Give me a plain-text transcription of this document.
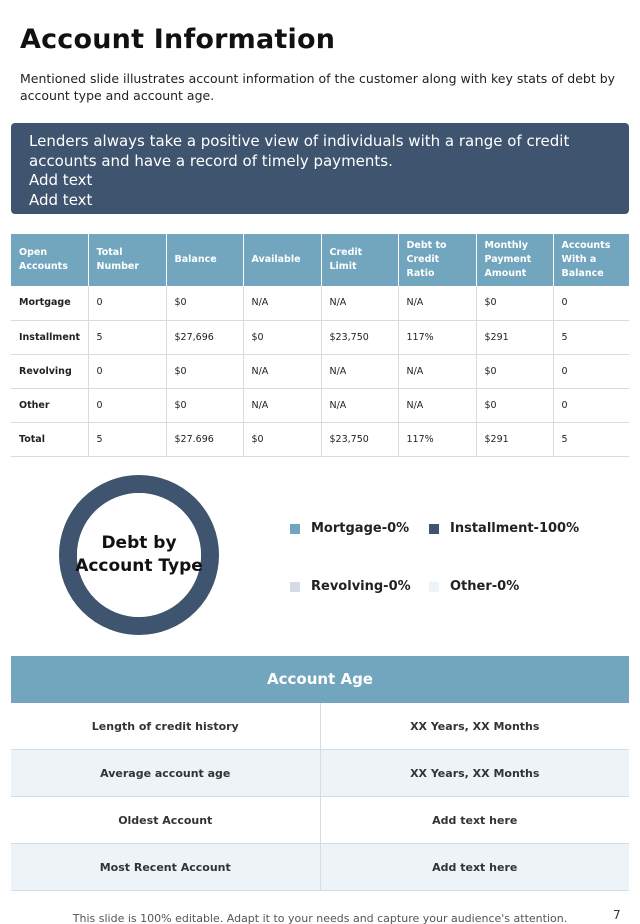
Account Information
Mentioned slide illustrates account information of the customer along with key stats of debt by account type and account age.
Lenders always take a positive view of individuals with a range of credit
accounts and have a record of timely payments.
Add text
Add text
Open Accounts	Total Number	Balance	Available	Credit Limit	Debt to Credit Ratio	Monthly Payment Amount	Accounts With a Balance
Mortgage	0	$0	N/A	N/A	N/A	$0	0
Installment	5	$27,696	$0	$23,750	117%	$291	5
Revolving	0	$0	N/A	N/A	N/A	$0	0
Other	0	$0	N/A	N/A	N/A	$0	0
Total	5	$27.696	$0	$23,750	117%	$291	5
Debt by
Account Type
Mortgage-0%	Installment-100%
Revolving-0%	Other-0%
Account Age
Length of credit history	XX Years, XX Months
Average account age	XX Years, XX Months
Oldest Account	Add text here
Most Recent Account	Add text here
This slide is 100% editable. Adapt it to your needs and capture your audience's attention.	7
